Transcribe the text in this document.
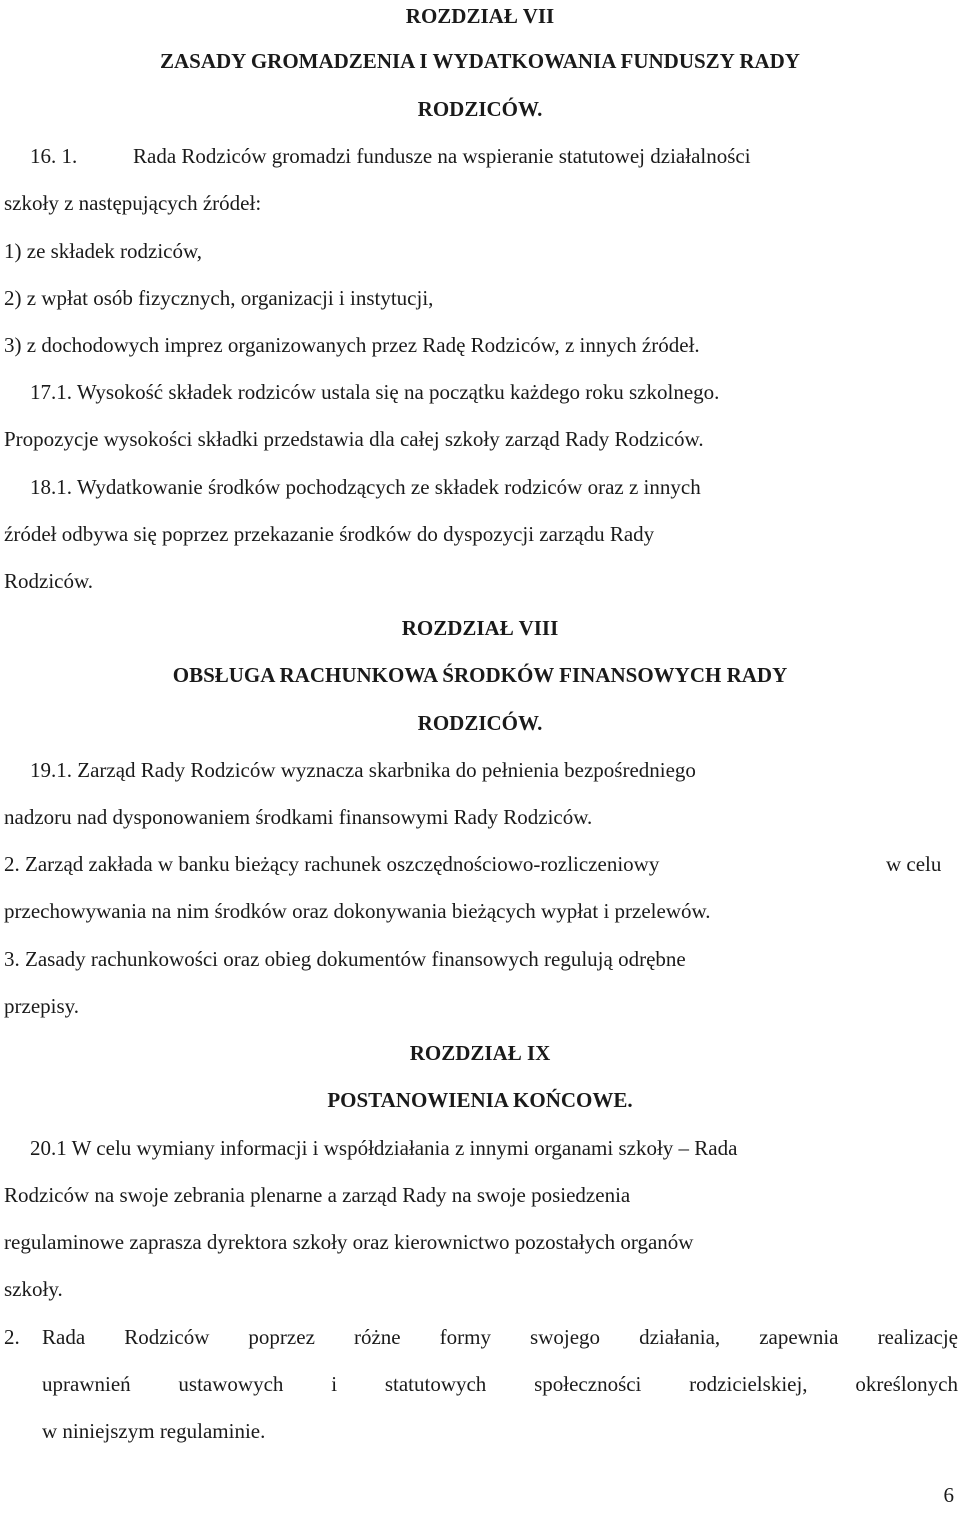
ROZDZIAŁ VII
ZASADY GROMADZENIA I WYDATKOWANIA FUNDUSZY RADY
RODZICÓW.
16. 1.	Rada Rodziców gromadzi fundusze na wspieranie statutowej działalności
szkoły z następujących źródeł:
1) ze składek rodziców,
2) z wpłat osób fizycznych, organizacji i instytucji,
3) z dochodowych imprez organizowanych przez Radę Rodziców, z innych źródeł.
17.1. Wysokość składek rodziców ustala się na początku każdego roku szkolnego.
Propozycje wysokości składki przedstawia dla całej szkoły zarząd Rady Rodziców.
18.1. Wydatkowanie środków pochodzących ze składek rodziców oraz z innych
źródeł odbywa się poprzez przekazanie środków do dyspozycji zarządu Rady
Rodziców.
ROZDZIAŁ VIII
OBSŁUGA RACHUNKOWA ŚRODKÓW FINANSOWYCH RADY
RODZICÓW.
19.1. Zarząd Rady Rodziców wyznacza skarbnika do pełnienia bezpośredniego
nadzoru nad dysponowaniem środkami finansowymi Rady Rodziców.
2. Zarząd zakłada w banku bieżący rachunek oszczędnościowo-rozliczeniowy	w celu
przechowywania na nim środków oraz dokonywania bieżących wypłat i przelewów.
3. Zasady rachunkowości oraz obieg dokumentów finansowych regulują odrębne
przepisy.
ROZDZIAŁ IX
POSTANOWIENIA KOŃCOWE.
20.1 W celu wymiany informacji i współdziałania z innymi organami szkoły – Rada
Rodziców na swoje zebrania plenarne a zarząd Rady na swoje posiedzenia
regulaminowe zaprasza dyrektora szkoły oraz kierownictwo pozostałych organów
szkoły.
2. Rada Rodziców poprzez różne formy swojego działania, zapewnia realizację
uprawnień ustawowych i statutowych społeczności rodzicielskiej, określonych
w niniejszym regulaminie.
6
